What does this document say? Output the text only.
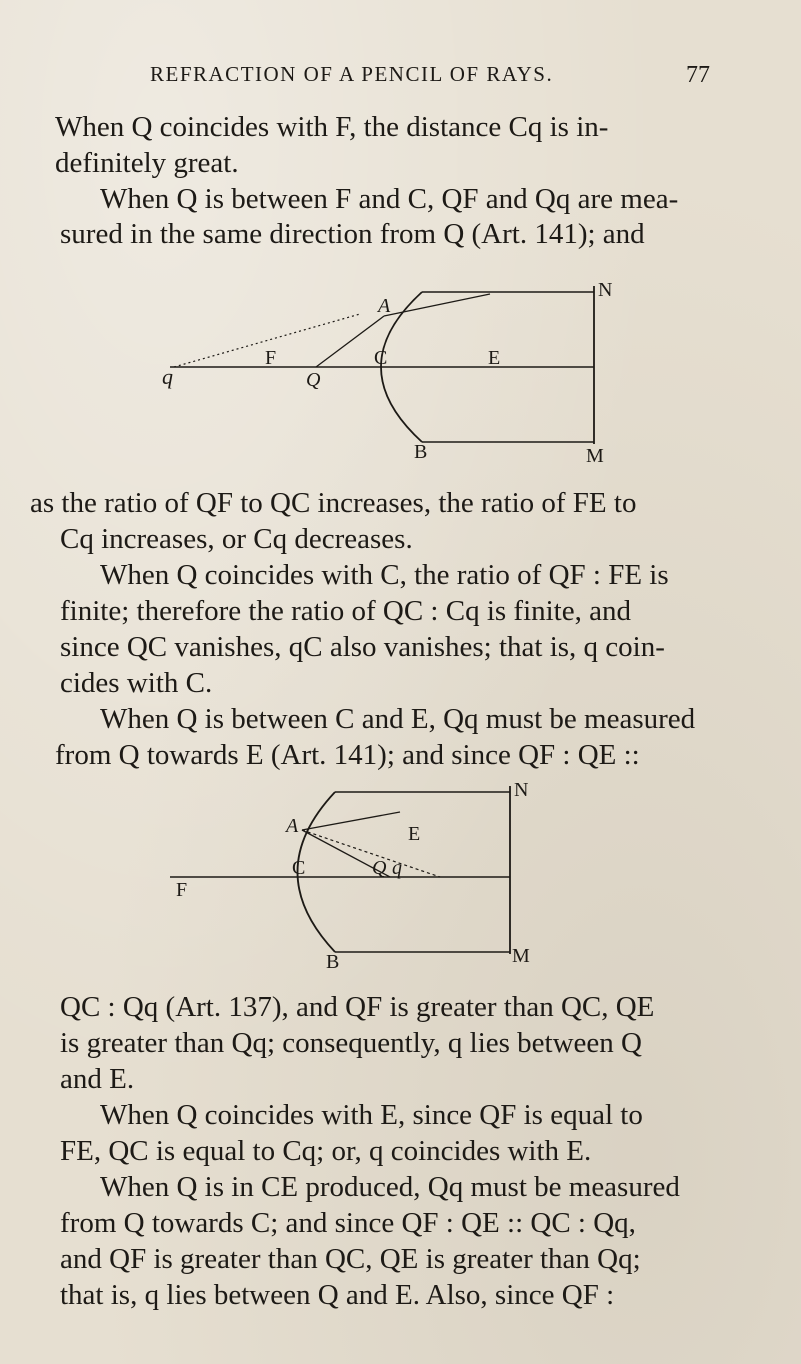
REFRACTION OF A PENCIL OF RAYS.	77
When Q coincides with F, the distance Cq is in-
definitely great.
When Q is between F and C, QF and Qq are mea-
sured in the same direction from Q (Art. 141); and
N
A
q
F
Q
C	E
B	M
as the ratio of QF to QC increases, the ratio of FE to
Cq increases, or Cq decreases.
When Q coincides with C, the ratio of QF : FE is
finite; therefore the ratio of QC : Cq is finite, and
since QC vanishes, qC also vanishes; that is, q coin-
cides with C.
When Q is between C and E, Qq must be measured
from Q towards E (Art. 141); and since QF : QE ::
N
A	E
F
C	Q q
B	M
QC : Qq (Art. 137), and QF is greater than QC, QE
is greater than Qq; consequently, q lies between Q
and E.
When Q coincides with E, since QF is equal to
FE, QC is equal to Cq; or, q coincides with E.
When Q is in CE produced, Qq must be measured
from Q towards C; and since QF : QE :: QC : Qq,
and QF is greater than QC, QE is greater than Qq;
that is, q lies between Q and E. Also, since QF :
